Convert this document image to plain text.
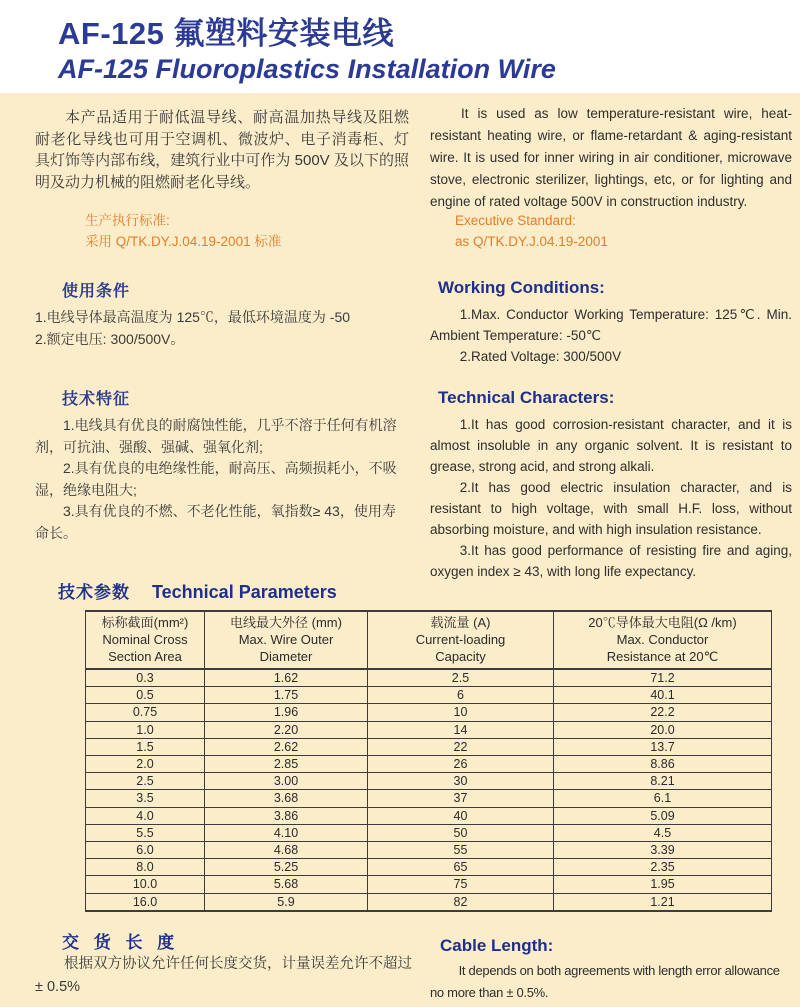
AF-125 氟塑料安装电线
AF-125 Fluoroplastics Installation Wire

本产品适用于耐低温导线、耐高温加热导线及阻燃耐老化导线也可用于空调机、微波炉、电子消毒柜、灯具灯饰等内部布线，建筑行业中可作为 500V 及以下的照明及动力机械的阻燃耐老化导线。

生产执行标准:
采用 Q/TK.DY.J.04.19-2001 标准

It is used as low temperature-resistant wire, heat-resistant heating wire, or flame-retardant & aging-resistant wire. It is used for inner wiring in air conditioner, microwave stove, electronic sterilizer, lightings, etc, or for lighting and engine of rated voltage 500V in construction industry.

Executive Standard:
as Q/TK.DY.J.04.19-2001
使用条件

1.电线导体最高温度为 125℃，最低环境温度为 -50

2.额定电压: 300/500V。

Working Conditions:

1.Max. Conductor Working Temperature: 125℃. Min. Ambient Temperature: -50℃

2.Rated Voltage: 300/500V

技术特征

1.电线具有优良的耐腐蚀性能，几乎不溶于任何有机溶剂，可抗油、强酸、强碱、强氧化剂;

2.具有优良的电绝缘性能，耐高压、高频损耗小，不吸湿，绝缘电阻大;

3.具有优良的不燃、不老化性能，氧指数≥ 43，使用寿命长。

Technical Characters:

1.It has good corrosion-resistant character, and it is almost insoluble in any organic solvent. It is resistant to grease, strong acid, and strong alkali.

2.It has good electric insulation character, and is resistant to high voltage, with small H.F. loss, without absorbing moisture, and with high insulation resistance.

3.It has good performance of resisting fire and aging, oxygen index ≥ 43, with long life expectancy.

技术参数 Technical Parameters
标称截面(mm²)
Nominal Cross
Section Area

电线最大外径 (mm)
Max. Wire Outer
Diameter

载流量 (A)
Current-loading
Capacity

20℃导体最大电阻(Ω /km)
Max. Conductor
Resistance at 20℃

0.3	1.62	2.5	71.2
0.5	1.75	6	40.1
0.75	1.96	10	22.2
1.0	2.20	14	20.0
1.5	2.62	22	13.7
2.0	2.85	26	8.86
2.5	3.00	30	8.21
3.5	3.68	37	6.1
4.0	3.86	40	5.09
5.5	4.10	50	4.5
6.0	4.68	55	3.39
8.0	5.25	65	2.35
10.0	5.68	75	1.95
16.0	5.9	82	1.21
交 货 长 度
根据双方协议允许任何长度交货，计量误差允许不超过 ± 0.5%
Cable Length:
It depends on both agreements with length error allowance no more than ± 0.5%.
